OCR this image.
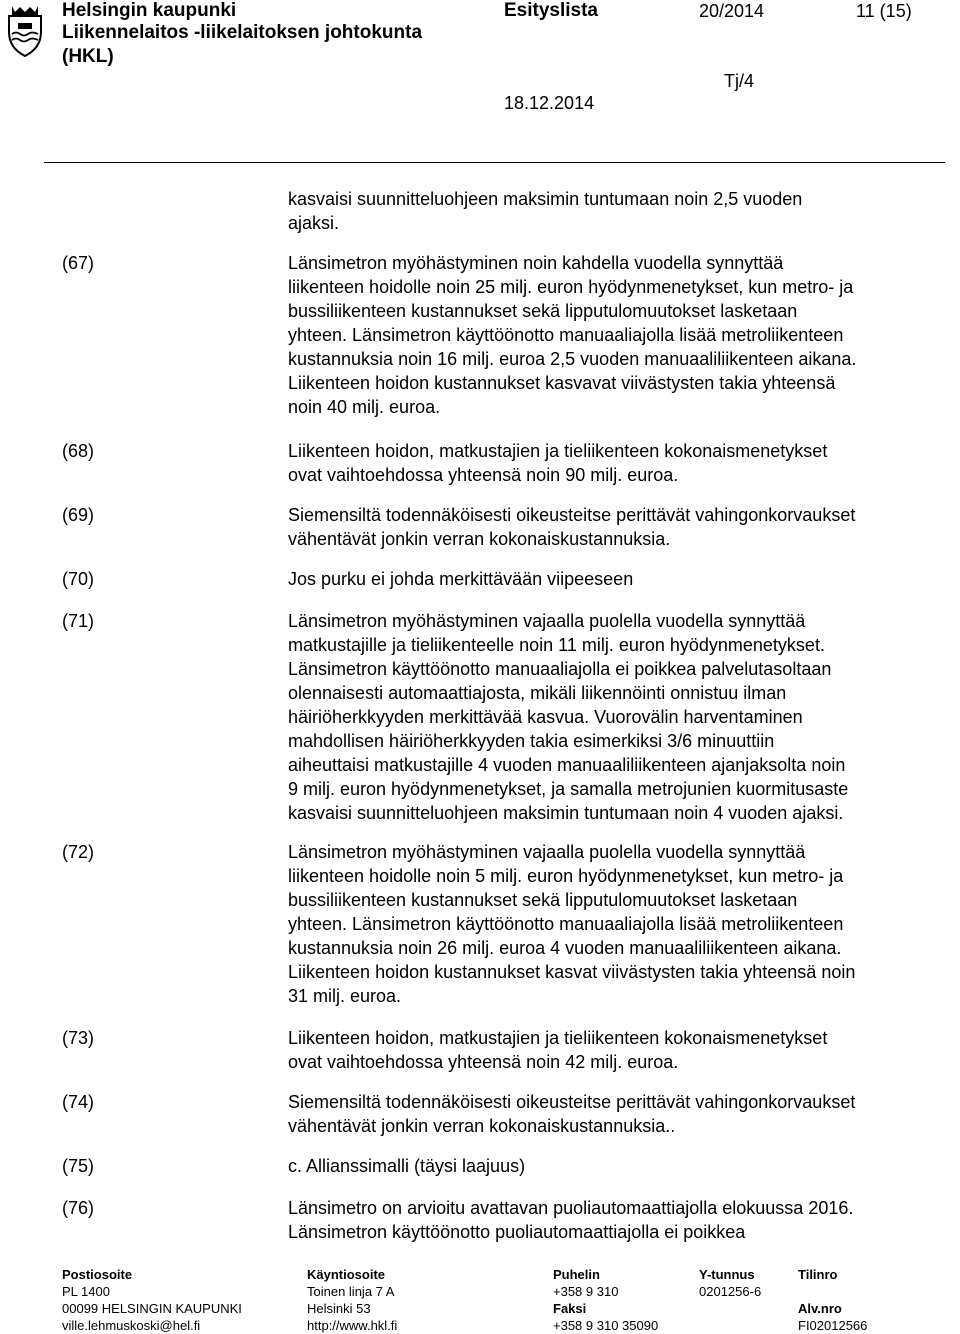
Helsingin kaupunki
Liikennelaitos -liikelaitoksen johtokunta
(HKL)
Esityslista	20/2014	11 (15)
Tj/4
18.12.2014
kasvaisi suunnitteluohjeen maksimin tuntumaan noin 2,5 vuoden
ajaksi.
(67)	Länsimetron myöhästyminen noin kahdella vuodella synnyttää
liikenteen hoidolle noin 25 milj. euron hyödynmenetykset, kun metro- ja
bussiliikenteen kustannukset sekä lipputulomuutokset lasketaan
yhteen. Länsimetron käyttöönotto manuaaliajolla lisää metroliikenteen
kustannuksia noin 16 milj. euroa 2,5 vuoden manuaaliliikenteen aikana.
Liikenteen hoidon kustannukset kasvavat viivästysten takia yhteensä
noin 40 milj. euroa.
(68)	Liikenteen hoidon, matkustajien ja tieliikenteen kokonaismenetykset
ovat vaihtoehdossa yhteensä noin 90 milj. euroa.
(69)	Siemensiltä todennäköisesti oikeusteitse perittävät vahingonkorvaukset
vähentävät jonkin verran kokonaiskustannuksia.
(70)	Jos purku ei johda merkittävään viipeeseen
(71)	Länsimetron myöhästyminen vajaalla puolella vuodella synnyttää
matkustajille ja tieliikenteelle noin 11 milj. euron hyödynmenetykset.
Länsimetron käyttöönotto manuaaliajolla ei poikkea palvelutasoltaan
olennaisesti automaattiajosta, mikäli liikennöinti onnistuu ilman
häiriöherkkyyden merkittävää kasvua. Vuorovälin harventaminen
mahdollisen häiriöherkkyyden takia esimerkiksi 3/6 minuuttiin
aiheuttaisi matkustajille 4 vuoden manuaaliliikenteen ajanjaksolta noin
9 milj. euron hyödynmenetykset, ja samalla metrojunien kuormitusaste
kasvaisi suunnitteluohjeen maksimin tuntumaan noin 4 vuoden ajaksi.
(72)	Länsimetron myöhästyminen vajaalla puolella vuodella synnyttää
liikenteen hoidolle noin 5 milj. euron hyödynmenetykset, kun metro- ja
bussiliikenteen kustannukset sekä lipputulomuutokset lasketaan
yhteen. Länsimetron käyttöönotto manuaaliajolla lisää metroliikenteen
kustannuksia noin 26 milj. euroa 4 vuoden manuaaliliikenteen aikana.
Liikenteen hoidon kustannukset kasvat viivästysten takia yhteensä noin
31 milj. euroa.
(73)	Liikenteen hoidon, matkustajien ja tieliikenteen kokonaismenetykset
ovat vaihtoehdossa yhteensä noin 42 milj. euroa.
(74)	Siemensiltä todennäköisesti oikeusteitse perittävät vahingonkorvaukset
vähentävät jonkin verran kokonaiskustannuksia..
(75)	c. Allianssimalli (täysi laajuus)
(76)	Länsimetro on arvioitu avattavan puoliautomaattiajolla elokuussa 2016.
Länsimetron käyttöönotto puoliautomaattiajolla ei poikkea
Postiosoite
PL 1400
00099 HELSINGIN KAUPUNKI
ville.lehmuskoski@hel.fi
Käyntiosoite
Toinen linja 7 A
Helsinki 53
http://www.hkl.fi
Puhelin
+358 9 310
Faksi
+358 9 310 35090
Y-tunnus
0201256-6
Tilinro
Alv.nro
FI02012566
